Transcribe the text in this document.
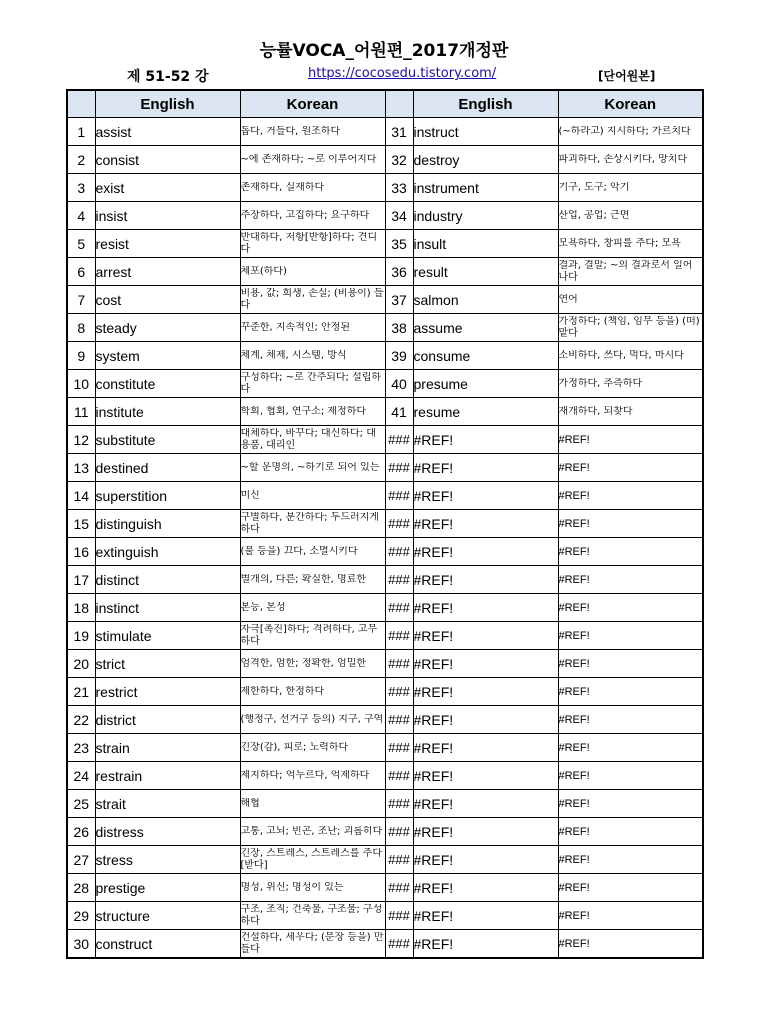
능률VOCA_어원편_2017개정판
제 51-52 강	https://cocosedu.tistory.com/	[단어원본]
	English	Korean		English	Korean
1	assist	돕다, 거들다, 원조하다	31	instruct	(~하라고) 지시하다; 가르치다

2	consist	~에 존재하다; ~로 이루어지다	32	destroy	파괴하다, 손상시키다, 망치다

3	exist	존재하다, 실재하다	33	instrument	기구, 도구; 악기

4	insist	주장하다, 고집하다; 요구하다	34	industry	산업, 공업; 근면

5	resist	반대하다, 저항[반항]하다; 견디다	35	insult	모욕하다, 창피를 주다; 모욕

6	arrest	체포(하다)	36	result	결과, 결말; ~의 결과로서 일어나다

7	cost	비용, 값; 희생, 손실; (비용이) 들다	37	salmon	연어

8	steady	꾸준한, 지속적인; 안정된	38	assume	가정하다; (책임, 임무 등을) (떠)맡다

9	system	체계, 체제, 시스템, 방식	39	consume	소비하다, 쓰다, 먹다, 마시다

10	constitute	구성하다; ~로 간주되다; 설립하다	40	presume	가정하다, 추측하다

11	institute	학회, 협회, 연구소; 제정하다	41	resume	재개하다, 되찾다

12	substitute	대체하다, 바꾸다; 대신하다; 대용품, 대리인	###	#REF!	#REF!
13	destined	~할 운명의, ~하기로 되어 있는	###	#REF!	#REF!
14	superstition	미신	###	#REF!	#REF!
15	distinguish	구별하다, 분간하다; 두드러지게 하다	###	#REF!	#REF!
16	extinguish	(불 등을) 끄다, 소멸시키다	###	#REF!	#REF!
17	distinct	별개의, 다른; 확실한, 명료한	###	#REF!	#REF!
18	instinct	본능, 본성	###	#REF!	#REF!
19	stimulate	자극[촉진]하다; 격려하다, 고무하다	###	#REF!	#REF!
20	strict	엄격한, 엄한; 정확한, 엄밀한	###	#REF!	#REF!
21	restrict	제한하다, 한정하다	###	#REF!	#REF!
22	district	(행정구, 선거구 등의) 지구, 구역	###	#REF!	#REF!
23	strain	긴장(감), 피로; 노력하다	###	#REF!	#REF!
24	restrain	제지하다; 억누르다, 억제하다	###	#REF!	#REF!
25	strait	해협	###	#REF!	#REF!
26	distress	고통, 고뇌; 빈곤, 조난; 괴롭히다	###	#REF!	#REF!
27	stress	긴장, 스트레스, 스트레스를 주다[받다]	###	#REF!	#REF!
28	prestige	명성, 위신; 명성이 있는	###	#REF!	#REF!
29	structure	구조, 조직; 건축물, 구조물; 구성하다	###	#REF!	#REF!
30	construct	건설하다, 세우다; (문장 등을) 만들다	###	#REF!	#REF!
